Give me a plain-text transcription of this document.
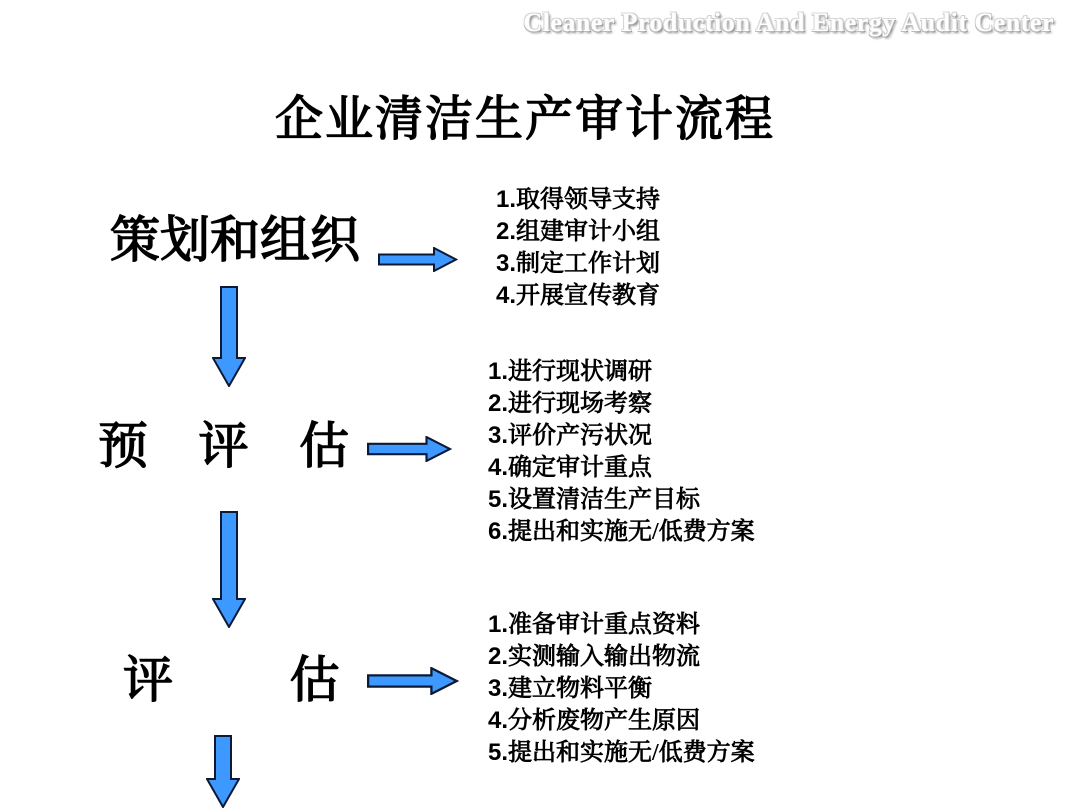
Cleaner Production And Energy Audit Center
企业清洁生产审计流程
策划和组织
1.取得领导支持
2.组建审计小组
3.制定工作计划
4.开展宣传教育
预 评 估
1.进行现状调研
2.进行现场考察
3.评价产污状况
4.确定审计重点
5.设置清洁生产目标
6.提出和实施无/低费方案
评 估
1.准备审计重点资料
2.实测输入输出物流
3.建立物料平衡
4.分析废物产生原因
5.提出和实施无/低费方案
